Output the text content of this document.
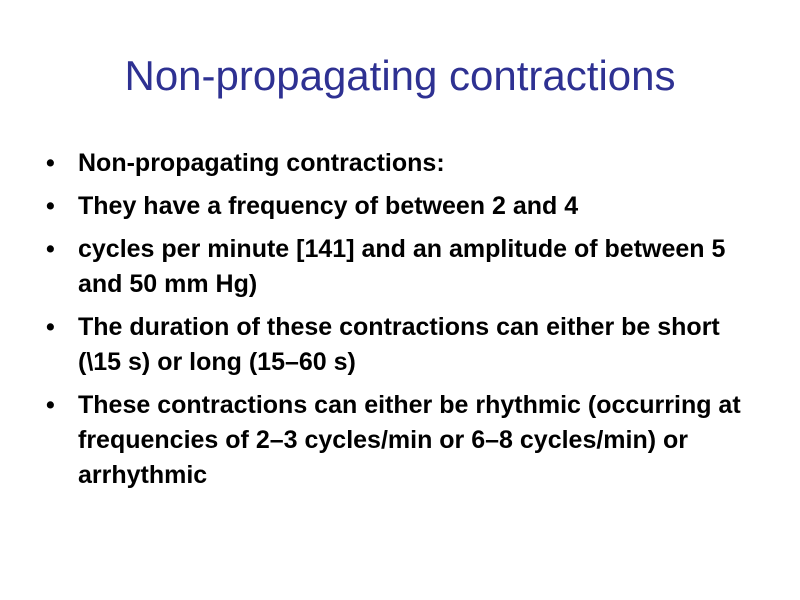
Non-propagating contractions
• Non-propagating contractions:
• They have a frequency of between 2 and 4
• cycles per minute [141] and an amplitude of between 5 and 50 mm Hg)
• The duration of these contractions can either be short (\15 s) or long (15–60 s)
• These contractions can either be rhythmic (occurring at frequencies of 2–3 cycles/min or 6–8 cycles/min) or arrhythmic
